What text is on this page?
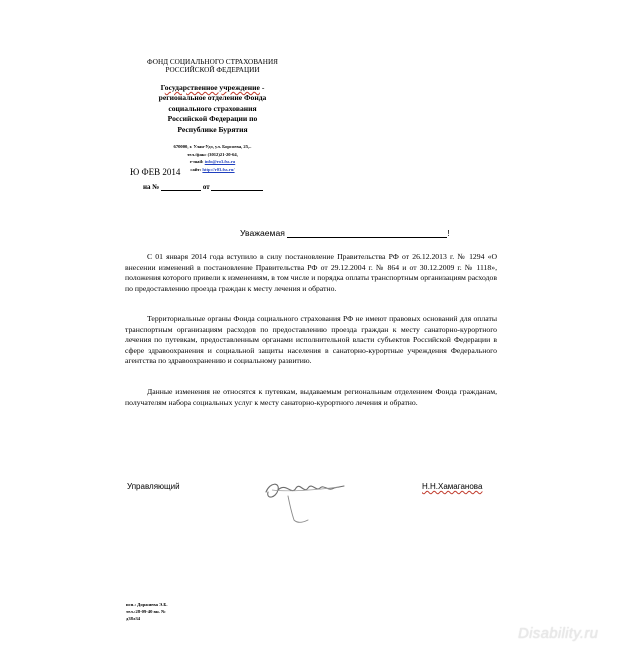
ФОНД СОЦИАЛЬНОГО СТРАХОВАНИЯ
РОССИЙСКОЙ ФЕДЕРАЦИИ
Государственное учреждение -
региональное отделение Фонда
социального страхования
Российской Федерации по
Республике Бурятия
670000, г. Улан-Удэ, ул. Борсоева, 25,..
тел./факс (3012)21-20-64,
e-mail: info@ro3.fss.ru
сайт: http://r03.fss.ru/
Ю ФЕВ 2014
на №	от
Уважаемая	!

С 01 января 2014 года вступило в силу постановление Правительства РФ от 26.12.2013 г. № 1294 «О внесении изменений в постановление Правительства РФ от 29.12.2004 г. № 864 и от 30.12.2009 г. № 1118», положения которого привели к изменениям, в том числе и порядка оплаты транспортным организациям расходов по предоставлению проезда граждан к месту лечения и обратно.

Территориальные органы Фонда социального страхования РФ не имеют правовых оснований для оплаты транспортным организациям расходов по предоставлению проезда граждан к месту санаторно-курортного лечения по путевкам, предоставленным органами исполнительной власти субъектов Российской Федерации в сфере здравоохранения и социальной защиты населения в санаторно-курортные учреждения Федерального агентства по здравоохранению и социальному развитию.

Данные изменения не относятся к путевкам, выдаваемым региональным отделением Фонда гражданам, получателям набора социальных услуг к месту санаторно-курортного лечения и обратно.

Управляющий	Н.Н.Хамаганова
исп.: Доржиева Э.Б.
тел.:28-09-40 вн. №
д38л34
Disability.ru
